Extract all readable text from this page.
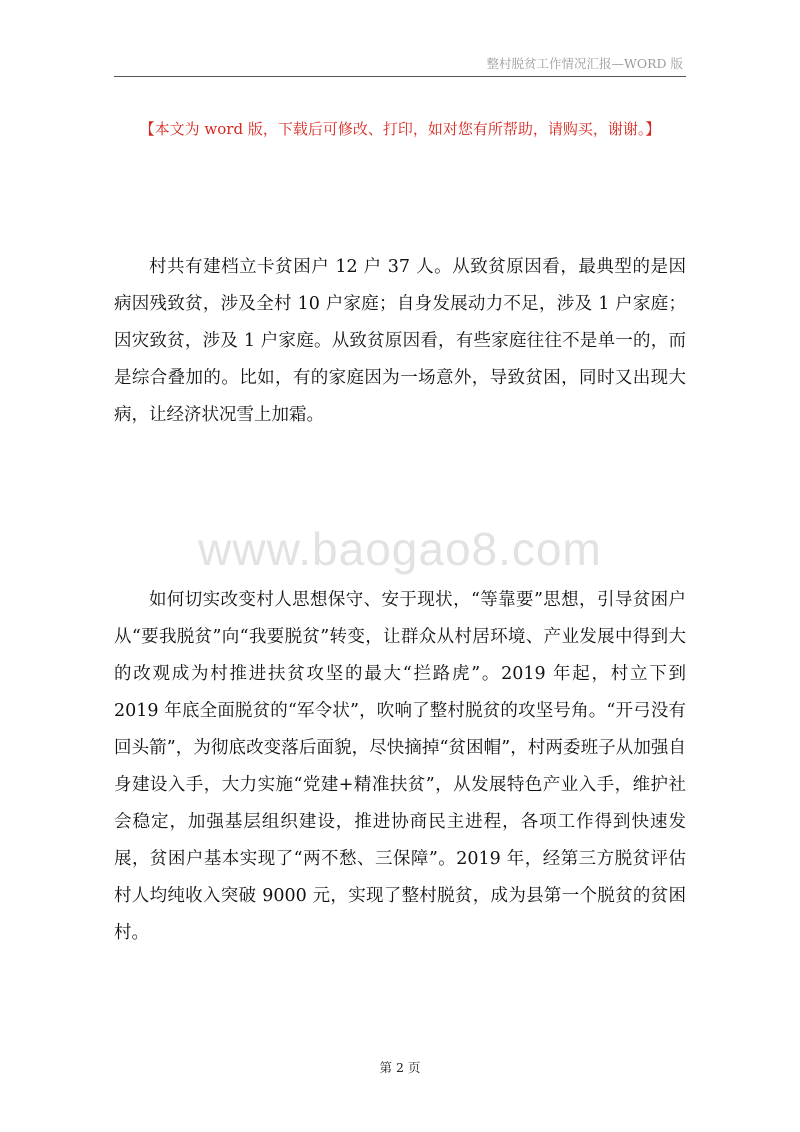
整村脱贫工作情况汇报—WORD 版
【本文为 word 版，下载后可修改、打印，如对您有所帮助，请购买，谢谢。】

村共有建档立卡贫困户 12 户 37 人。从致贫原因看，最典型的是因病因残致贫，涉及全村 10 户家庭；自身发展动力不足，涉及 1 户家庭；因灾致贫，涉及 1 户家庭。从致贫原因看，有些家庭往往不是单一的，而是综合叠加的。比如，有的家庭因为一场意外，导致贫困，同时又出现大病，让经济状况雪上加霜。

www.baogao8.com

如何切实改变村人思想保守、安于现状，“等靠要”思想，引导贫困户从“要我脱贫”向“我要脱贫”转变，让群众从村居环境、产业发展中得到大的改观成为村推进扶贫攻坚的最大“拦路虎”。2019 年起，村立下到 2019 年底全面脱贫的“军令状”，吹响了整村脱贫的攻坚号角。“开弓没有回头箭”，为彻底改变落后面貌，尽快摘掉“贫困帽”，村两委班子从加强自身建设入手，大力实施“党建+精准扶贫”，从发展特色产业入手，维护社会稳定，加强基层组织建设，推进协商民主进程，各项工作得到快速发展，贫困户基本实现了“两不愁、三保障”。2019 年，经第三方脱贫评估村人均纯收入突破 9000 元，实现了整村脱贫，成为县第一个脱贫的贫困村。

第 2 页
